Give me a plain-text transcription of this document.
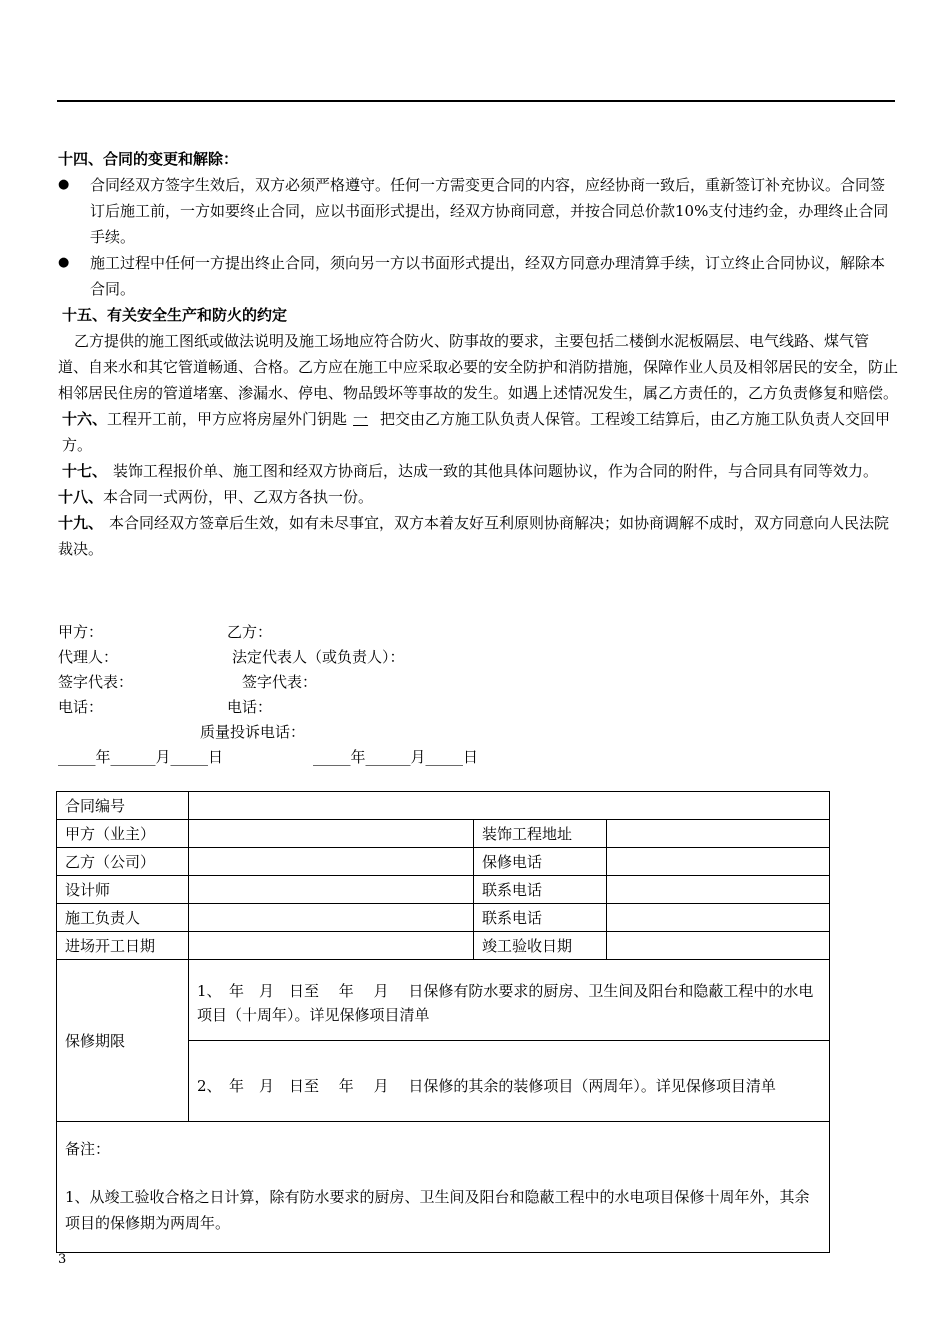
十四、合同的变更和解除：
● 合同经双方签字生效后，双方必须严格遵守。任何一方需变更合同的内容，应经协商一致后，重新签订补充协议。合同签订后施工前，一方如要终止合同，应以书面形式提出，经双方协商同意，并按合同总价款10%支付违约金，办理终止合同手续。
● 施工过程中任何一方提出终止合同，须向另一方以书面形式提出，经双方同意办理清算手续，订立终止合同协议，解除本合同。
十五、有关安全生产和防火的约定
乙方提供的施工图纸或做法说明及施工场地应符合防火、防事故的要求，主要包括二楼倒水泥板隔层、电气线路、煤气管道、自来水和其它管道畅通、合格。乙方应在施工中应采取必要的安全防护和消防措施，保障作业人员及相邻居民的安全，防止相邻居民住房的管道堵塞、渗漏水、停电、物品毁坏等事故的发生。如遇上述情况发生，属乙方责任的，乙方负责修复和赔偿。
十六、工程开工前，甲方应将房屋外门钥匙 一 把交由乙方施工队负责人保管。工程竣工结算后，由乙方施工队负责人交回甲方。
十七、 装饰工程报价单、施工图和经双方协商后，达成一致的其他具体问题协议，作为合同的附件，与合同具有同等效力。
十八、本合同一式两份，甲、乙双方各执一份。
十九、 本合同经双方签章后生效，如有未尽事宜，双方本着友好互利原则协商解决；如协商调解不成时，双方同意向人民法院裁决。
甲方：	乙方：
代理人：	法定代表人（或负责人）：
签字代表：	签字代表：
电话：	电话：
质量投诉电话：
_____年______月_____日	_____年______月_____日
合同编号			
甲方（业主）		装饰工程地址	
乙方（公司）		保修电话	
设计师		联系电话	
施工负责人		联系电话	
进场开工日期		竣工验收日期	
保修期限	1、　年　月　日至　 年　 月　 日保修有防水要求的厨房、卫生间及阳台和隐蔽工程中的水电项目（十周年）。详见保修项目清单		
	2、　年　月　日至　 年　 月　 日保修的其余的装修项目（两周年）。详见保修项目清单		

备注：
1、从竣工验收合格之日计算，除有防水要求的厨房、卫生间及阳台和隐蔽工程中的水电项目保修十周年外，其余项目的保修期为两周年。			
3
